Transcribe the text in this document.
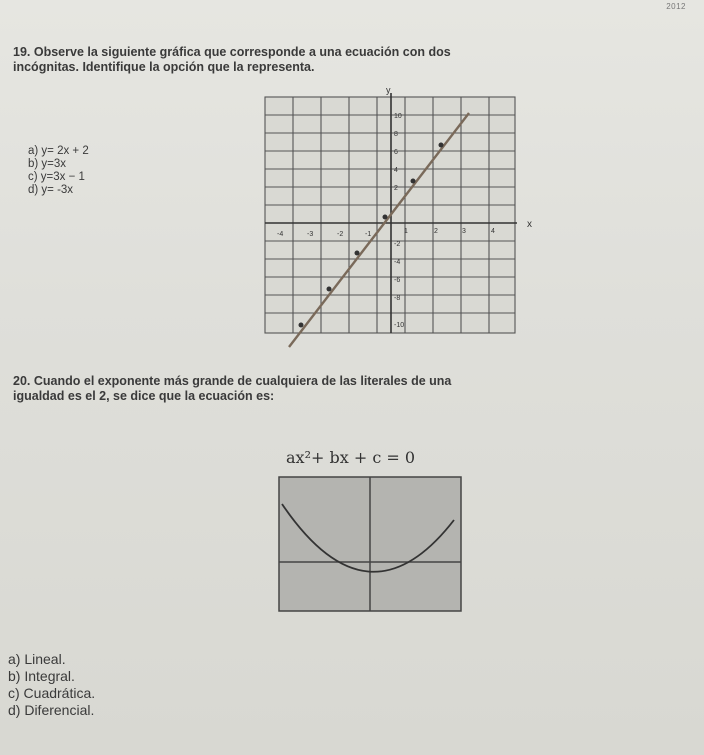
2012
19. Observe la siguiente gráfica que corresponde a una ecuación con dos
incógnitas. Identifique la opción que la representa.
a) y= 2x + 2
b) y=3x
c) y=3x − 1
d) y= -3x
y
x
10
8
6
4
2
-2
-4
-6
-8
-10
-4	-3	-2	-1	1	2	3	4
20. Cuando el exponente más grande de cualquiera de las literales de una
igualdad es el 2, se dice que la ecuación es:
ax²+ bx + c = 0
a) Lineal.
b) Integral.
c) Cuadrática.
d) Diferencial.
